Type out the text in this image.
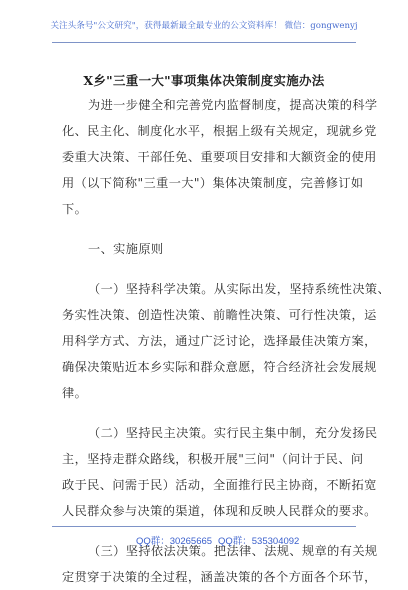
关注头条号"公文研究"，获得最新最全最专业的公文资料库！ 微信：gongwenyj
X乡"三重一大"事项集体决策制度实施办法
为进一步健全和完善党内监督制度，提高决策的科学
化、民主化、制度化水平，根据上级有关规定，现就乡党
委重大决策、干部任免、重要项目安排和大额资金的使用
用（以下简称"三重一大"）集体决策制度，完善修订如
下。
一、实施原则
（一）坚持科学决策。从实际出发，坚持系统性决策、
务实性决策、创造性决策、前瞻性决策、可行性决策，运
用科学方式、方法，通过广泛讨论，选择最佳决策方案，
确保决策贴近本乡实际和群众意愿，符合经济社会发展规
律。
（二）坚持民主决策。实行民主集中制，充分发扬民
主，坚持走群众路线，积极开展"三问"（问计于民、问
政于民、问需于民）活动，全面推行民主协商，不断拓宽
人民群众参与决策的渠道，体现和反映人民群众的要求。
（三）坚持依法决策。把法律、法规、规章的有关规
定贯穿于决策的全过程，涵盖决策的各个方面各个环节，
QQ群：30265665 QQ群：535304092
